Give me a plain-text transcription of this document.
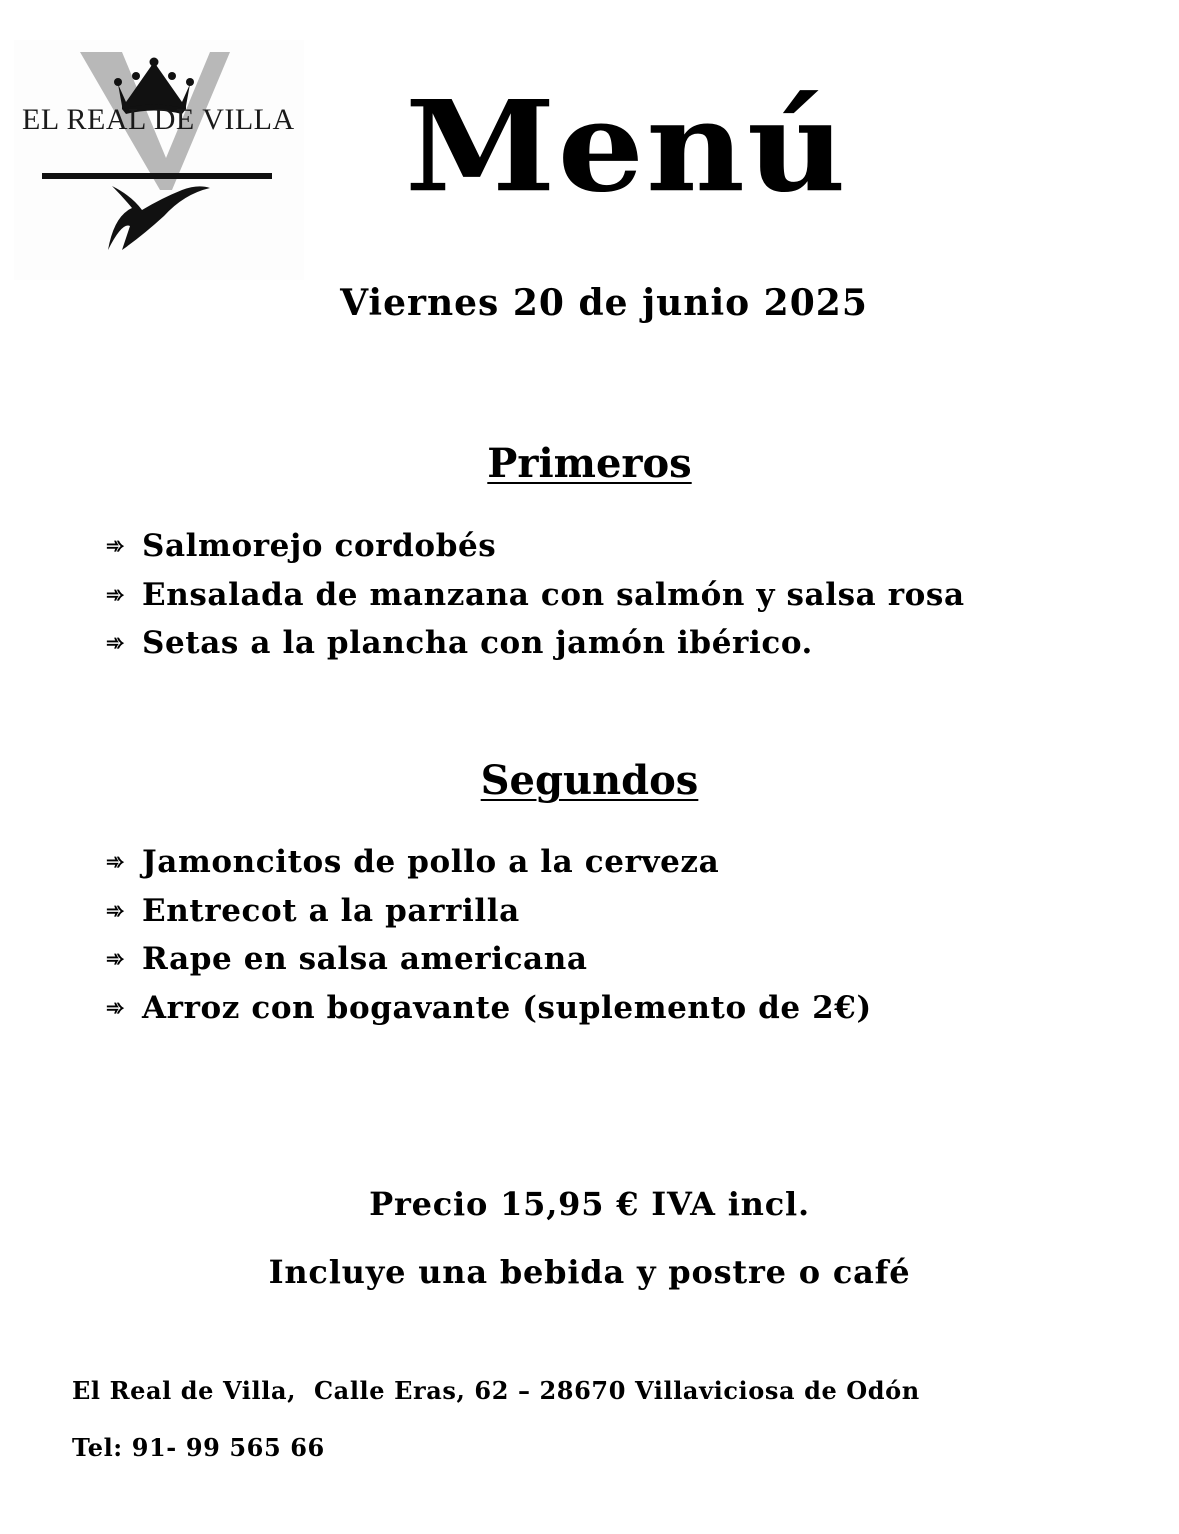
EL REAL DE VILLA Menú
Viernes 20 de junio 2025
Primeros
➾ Salmorejo cordobés
➾ Ensalada de manzana con salmón y salsa rosa
➾ Setas a la plancha con jamón ibérico.
Segundos
➾ Jamoncitos de pollo a la cerveza
➾ Entrecot a la parrilla
➾ Rape en salsa americana
➾ Arroz con bogavante (suplemento de 2€)
Precio 15,95 € IVA incl.
Incluye una bebida y postre o café
El Real de Villa,  Calle Eras, 62 – 28670 Villaviciosa de Odón
Tel: 91- 99 565 66
